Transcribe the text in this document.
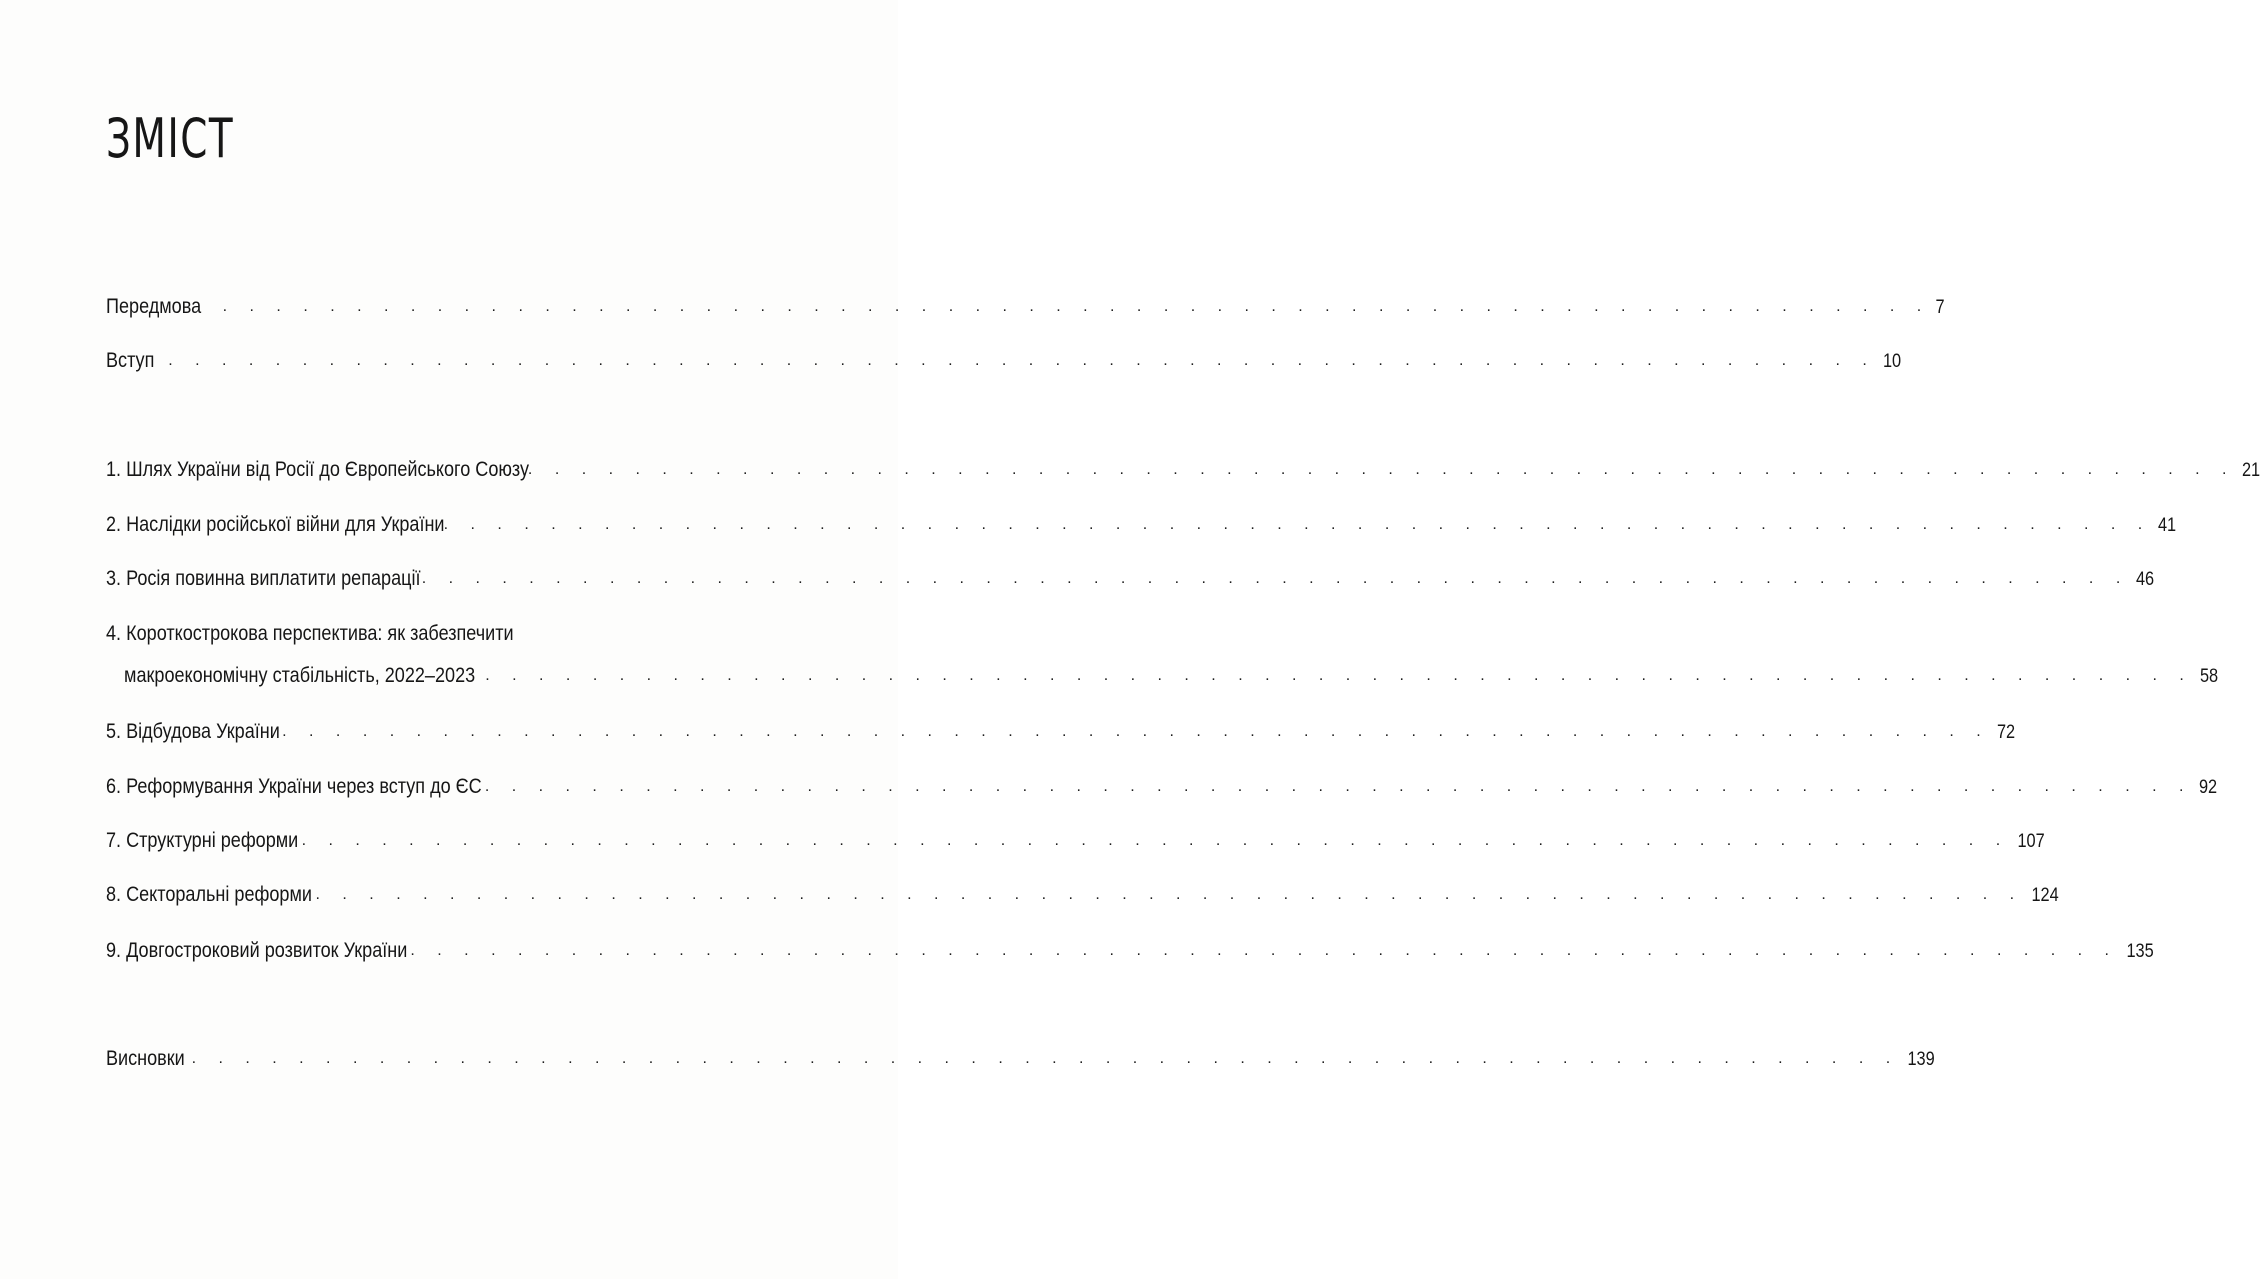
ЗМІСТ
Передмова . . . . . . . . . . . . . . . . . . . . . . . . . . . . . . . . . . . . . . . . . . . . . . . . . . . . . . . . . . . . . . . . 7
Вступ . . . . . . . . . . . . . . . . . . . . . . . . . . . . . . . . . . . . . . . . . . . . . . . . . . . . . . . . . . . . . . . . 10
1. Шлях України від Росії до Європейського Союзу
. . . . . . . . . . . . . . . . . . . . . . . . . . . . . . . . . . . . . . . . . . . . . . . . . . . . . . . . . . . . . . . . 21
2. Наслідки російської війни для України . . . . . . . . . . . . . . . . . . . . . . . . . . . . . . . . . . . . . . . . . . . . . . . . . . . . . . . . . . . . . . . . 41
3. Росія повинна виплатити репарації . . . . . . . . . . . . . . . . . . . . . . . . . . . . . . . . . . . . . . . . . . . . . . . . . . . . . . . . . . . . . . . . 46
4. Короткострокова перспектива: як забезпечити
макроекономічну стабільність, 2022–2023 . . . . . . . . . . . . . . . . . . . . . . . . . . . . . . . . . . . . . . . . . . . . . . . . . . . . . . . . . . . . . . . . 58
5. Відбудова України . . . . . . . . . . . . . . . . . . . . . . . . . . . . . . . . . . . . . . . . . . . . . . . . . . . . . . . . . . . . . . . . 72
6. Реформування України через вступ до ЄС . . . . . . . . . . . . . . . . . . . . . . . . . . . . . . . . . . . . . . . . . . . . . . . . . . . . . . . . . . . . . . . . 92
7. Структурні реформи . . . . . . . . . . . . . . . . . . . . . . . . . . . . . . . . . . . . . . . . . . . . . . . . . . . . . . . . . . . . . . . . 107
8. Секторальні реформи . . . . . . . . . . . . . . . . . . . . . . . . . . . . . . . . . . . . . . . . . . . . . . . . . . . . . . . . . . . . . . . . 124
9. Довгостроковий розвиток України . . . . . . . . . . . . . . . . . . . . . . . . . . . . . . . . . . . . . . . . . . . . . . . . . . . . . . . . . . . . . . . . 135
Висновки . . . . . . . . . . . . . . . . . . . . . . . . . . . . . . . . . . . . . . . . . . . . . . . . . . . . . . . . . . . . . . . . 139
